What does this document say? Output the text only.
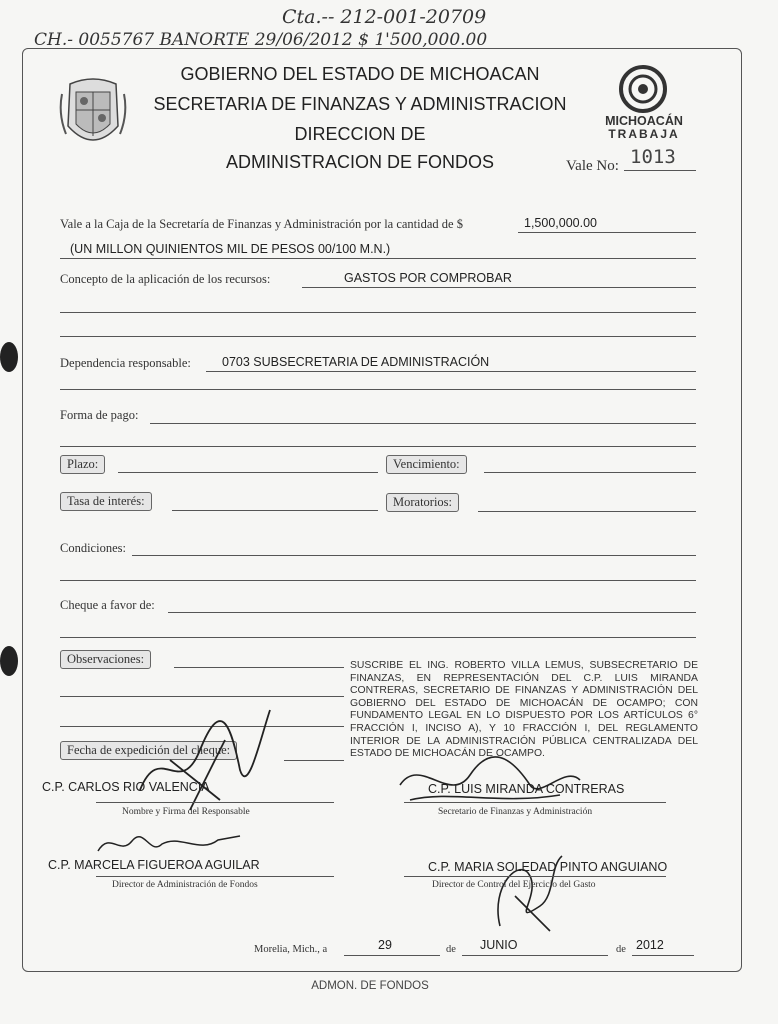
Cta.-- 212-001-20709
CH.- 0055767 BANORTE 29/06/2012 $ 1'500,000.00
GOBIERNO DEL ESTADO DE MICHOACAN
SECRETARIA DE FINANZAS Y ADMINISTRACION
DIRECCION DE
ADMINISTRACION DE FONDOS
MICHOACÁN
TRABAJA
Vale No: 1013
Vale a la Caja de la Secretaría de Finanzas y Administración por la cantidad de $	1,500,000.00
(UN MILLON QUINIENTOS MIL DE PESOS 00/100 M.N.)
Concepto de la aplicación de los recursos:	GASTOS POR COMPROBAR
Dependencia responsable: 0703 SUBSECRETARIA DE ADMINISTRACIÓN
Forma de pago:
Plazo:	Vencimiento:
Tasa de interés:	Moratorios:
Condiciones:
Cheque a favor de:
Observaciones:	SUSCRIBE EL ING. ROBERTO VILLA LEMUS, SUBSECRETARIO DE FINANZAS, EN REPRESENTACIÓN DEL C.P. LUIS MIRANDA CONTRERAS, SECRETARIO DE FINANZAS Y ADMINISTRACIÓN DEL GOBIERNO DEL ESTADO DE MICHOACÁN DE OCAMPO; CON FUNDAMENTO LEGAL EN LO DISPUESTO POR LOS ARTÍCULOS 6° FRACCIÓN I, INCISO A), Y 10 FRACCIÓN I, DEL REGLAMENTO INTERIOR DE LA ADMINISTRACIÓN PÚBLICA CENTRALIZADA DEL ESTADO DE MICHOACÁN DE OCAMPO.
Fecha de expedición del cheque:
C.P. CARLOS RIO VALENCIA
Nombre y Firma del Responsable
C.P. LUIS MIRANDA CONTRERAS
Secretario de Finanzas y Administración
C.P. MARCELA FIGUEROA AGUILAR
Director de Administración de Fondos
C.P. MARIA SOLEDAD PINTO ANGUIANO
Director de Control del Ejercicio del Gasto
Morelia, Mich., a	29	de JUNIO	de 2012
ADMON. DE FONDOS
